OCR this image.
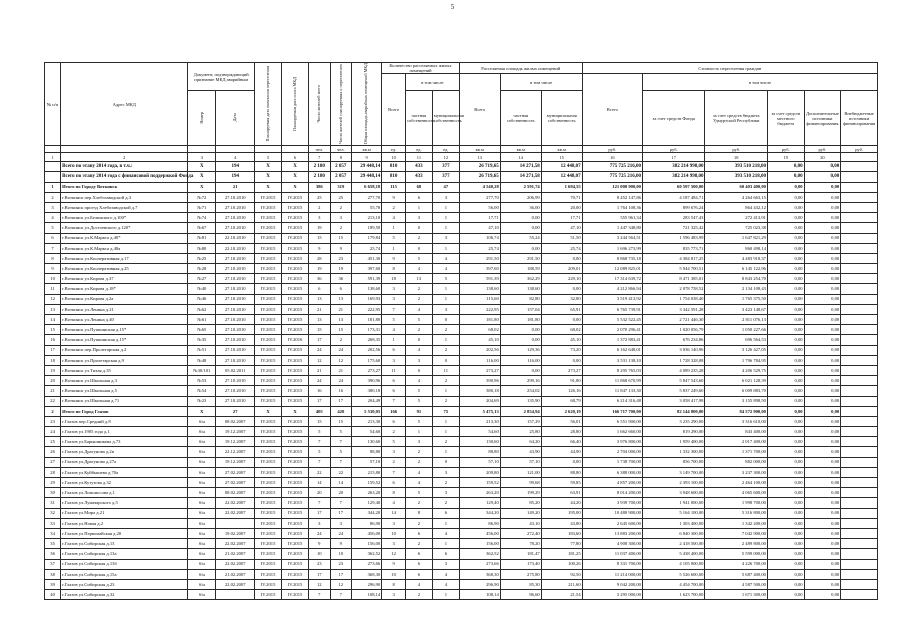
5
№ п/п	Адрес МКД	Документ, подтверждающий признание МКД аварийным		Планируемая дата окончания переселения	Планируемая дата сноса МКД	Число жителей всего	Число жителей планируемых к переселению	Общая площадь аварийных помещений МКД	Количество расселяемых жилых помещений			Расселяемая площадь жилых помещений			Стоимость переселения граждан					
									Всего	в том числе		Всего	в том числе		Всего	в том числе				
		Номер	Дата							частная собственность	муниципальная собственность		частная собственность	муниципальная собственность		за счет средств Фонда	за счет средств бюджета Удмуртской Республики	за счет средств местного бюджета	Дополнительные источники финансирования	Внебюджетные источники финансирования

						чел.	чел.	кв.м	ед.	ед.	ед.	кв.м	кв.м	кв.м	руб.	руб.	руб.	руб.	руб.	руб.
1	2	3	4	5	6	7	8	9	10	11	12	13	14	15	16	17	18	19	20	
	Всего по этапу 2014 года, в т.ч.:	Х	194	Х	Х	2 180	2 057	29 448,14	810	433	377	26 719,65	14 271,58	12 448,07	775 725 216,00	382 214 998,00	393 510 218,00	0,00	0,00	
	Всего по этапу 2014 года с финансовой поддержкой Фонда	Х	194	Х	Х	2 180	2 057	29 448,14	810	433	377	26 719,65	14 271,58	12 448,07	775 725 216,00	382 214 998,00	393 510 218,00	0,00	0,00	
1	Итого по Городу Воткинск	Х	21	Х	Х	386	319	6 658,18	115	68	47	4 540,28	2 591,74	1 694,55	121 000 900,00	60 597 500,00	60 403 400,00	0,00	0,00	
2	г.Воткинск пер.Хлебозаводской д.3	№72	27.10.2010	IV.2015	IV.2015	25	25	277,70	9	6	3	277,70	206,99	70,71	8 452 147,86	4 187 484,71	4 264 663,15	0,00	0,00	
3	г.Воткинск проезд Хлебозаводской д.7	№71	27.10.2010	IV.2015	IV.2015	2	2	55,78	2	1	1	56,00	36,00	20,00	1 764 108,36	899 676,24	864 432,12	0,00	0,00	
4	г.Воткинск ул.Белинского д.100*	№74	27.10.2010	IV.2015	IV.2015	3	3	213,10	4	3	1	17,71	0,00	17,71	555 961,34	283 547,43	272 413,91	0,00	0,00	
5	г.Воткинск ул.Достоевского д.120*	№67	27.10.2010	IV.2015	IV.2015	19	2	189,50	1	0	1	47,10	0,00	47,10	1 447 348,80	721 325,42	725 023,38	0,00	0,00	
6	г.Воткинск ул.К.Маркса д.40*	№81	22.10.2010	IV.2015	IV.2015	15	15	179,84	5	2	3	106,74	55,24	51,50	3 244 564,51	1 596 483,99	1 647 821,29	0,00	0,00	
7	г.Воткинск ул.К.Маркса д.48а	№80	22.10.2010	IV.2015	IV.2015	9	9	25,74	1	0	1	25,74	0,00	25,74	1 696 273,99	835 773,71	860 498,14	0,00	0,00	
8	г.Воткинск ул.Кооперативная д.17	№25	27.10.2010	IV.2015	IV.2015	28	23	451,30	9	5	4	291,50	291,50	0,00	8 868 735,18	4 384 817,25	4 483 918,37	0,00	0,00	
9	г.Воткинск ул.Кооперативная д.25	№28	27.10.2010	IV.2015	IV.2015	19	19	397,60	8	4	4	397,60	188,59	209,01	12 089 825,01	5 944 700,51	6 145 122,96	0,00	0,00	
10	г.Воткинск ул.Кирова д.37	№27	27.10.2010	IV.2015	IV.2015	36	36	591,39	18	13	5	591,39	362,29	229,10	17 314 639,72	8 471 385,01	8 843 254,70	0,00	0,00	
11	г.Воткинск ул.Кирова д.18*	№40	27.10.2010	IV.2015	IV.2015	6	6	138,60	3	2	1	138,60	138,60	0,00	4 212 866,94	2 078 758,52	2 134 108,43	0,00	0,00	
12	г.Воткинск ул.Кирова д.2а	№46	27.10.2010	IV.2015	IV.2015	13	13	169,93	3	2	1	115,60	82,80	32,80	3 519 413,92	1 754 038,40	1 765 375,50	0,00	0,00	
13	г.Воткинск ул.Ленина д.21	№62	27.10.2010	IV.2015	IV.2015	21	21	222,95	7	4	3	222,95	157,04	65,91	6 765 739,91	3 342 591,28	3 423 148,67	0,00	0,00	
14	г.Воткинск ул.Ленина д.40	№61	27.10.2010	IV.2015	IV.2015	13	13	181,80	5	5	0	181,80	181,80	0,00	5 532 522,45	2 721 446,30	2 811 076,13	0,00	0,00	
15	г.Воткинск ул.Пушкинская д.15*	№65	27.10.2010	IV.2015	IV.2015	15	15	173,31	4	2	2	68,02	0,00	68,02	2 070 296,41	1 020 056,79	1 050 227,66	0,00	0,00	
16	г.Воткинск ул.Пушкинская д.15*	№35	27.10.2010	IV.2015	IV.2016	17	2	268,35	1	0	1	45,10	0,00	45,10	1 372 883,41	676 234,86	696 564,53	0,00	0,00	
17	г.Воткинск пер.Пролетарская д.2	№51	27.10.2010	IV.2015	IV.2015	24	24	202,56	6	4	2	202,56	129,36	73,20	6 162 648,01	3 036 140,96	3 126 427,05	0,00	0,00	
18	г.Воткинск ул.Пролетарская д.9	№48	27.10.2010	IV.2015	IV.2015	12	12	175,60	3	3	0	116,00	116,00	0,00	3 531 138,10	1 728 328,08	1 796 784,95	0,00	0,00	
19	г.Воткинск ул.Тихая д.35	№30/101	05.02.2011	IV.2015	IV.2015	21	21	273,27	11	0	11	273,27	0,00	273,27	8 295 765,03	4 089 235,28	4 206 529,75	0,00	0,00	
20	г.Воткинск ул.Школьная д.3	№53	27.10.2010	IV.2015	IV.2015	24	24	390,96	6	4	2	390,96	299,16	91,80	11 868 670,99	5 847 543,60	6 021 128,39	0,00	0,00	
21	г.Воткинск ул.Школьная д.5	№54	27.10.2010	IV.2015	IV.2015	16	16	380,18	6	5	1	380,18	254,02	126,16	11 847 133,30	5 837 249,60	6 009 883,70	0,00	0,00	
22	г.Воткинск ул.Школьная д.71	№23	27.10.2010	IV.2015	IV.2015	17	17	204,49	7	5	2	204,69	135,90	68,79	6 214 316,48	3 058 417,98	3 155 898,50	0,00	0,00	
2	Итого по Город Глазов	Х	27	Х	Х	405	420	5 530,05	166	91	75	5 475,13	2 854,94	2 620,19	166 717 700,00	82 144 800,00	84 572 900,00	0,00	0,00	
23	г.Глазов пер.Средний д.8	б/н	08.02.2007	IV.2015	IV.2015	15	15	213,30	6	5	1	213,30	157,29	56,01	6 551 900,00	3 235 290,00	3 316 610,00	0,00	0,00	
24	г.Глазов ул.1905 года д.1	б/н	19.12.2007	IV.2015	IV.2015	5	5	54,60	2	1	1	54,60	25,80	28,80	1 662 660,00	819 290,00	843 400,00	0,00	0,00	
25	г.Глазов ул.Барышникова д.73	б/н	19.12.2007	IV.2015	IV.2015	7	7	130,60	5	3	2	130,60	64,20	66,40	3 976 800,00	1 959 400,00	2 017 400,00	0,00	0,00	
26	г.Глазов ул.Драгунова д.2в	б/н	22.12.2007	IV.2015	IV.2015	5	5	88,80	3	2	1	88,80	43,90	44,90	2 704 000,00	1 332 300,00	1 371 700,00	0,00	0,00	
27	г.Глазов ул.Драгунова д.27а	б/н	19.12.2007	IV.2015	IV.2015	7	7	57,10	2	2	0	57,10	57,10	0,00	1 738 700,00	856 700,00	882 000,00	0,00	0,00	
28	г.Глазов ул.Куйбышева д.70а	б/н	27.02.2007	IV.2015	IV.2015	22	22	215,80	7	4	3	209,80	121,00	88,80	6 388 000,00	3 149 700,00	3 237 300,00	0,00	0,00	
29	г.Глазов ул.Кутузова д.32	б/н	27.02.2007	IV.2015	IV.2015	14	14	159,52	6	4	2	159,52	99,68	59,85	4 857 200,00	2 393 100,00	2 464 100,00	0,00	0,00	
30	г.Глазов ул.Ломоносова д.1	б/н	08.02.2007	IV.2015	IV.2015	20	20	263,20	8	5	3	263,20	199,29	63,91	8 014 200,00	3 948 600,00	4 065 600,00	0,00	0,00	
31	г.Глазов ул.Луначарского д.5	б/н	22.02.2007	IV.2015	IV.2015	7	7	129,40	4	2	2	129,40	85,20	44,20	3 939 700,00	1 941 000,00	1 998 700,00	0,00	0,00	
32	г.Глазов ул.Мира д.21	б/н	22.02.2007	IV.2015	IV.2015	17	17	344,20	14	8	6	344,20	149,20	195,00	10 480 900,00	5 164 100,00	5 316 800,00	0,00	0,00	
33	г.Глазов ул.Новая д.2	б/н		IV.2015	IV.2015	3	3	86,90	3	2	1	86,90	43,10	43,80	2 645 600,00	1 303 400,00	1 342 200,00	0,00	0,00	
34	г.Глазов ул.Первомайская д.20	б/н	19.02.2007	IV.2015	IV.2015	24	24	456,00	10	6	4	456,00	272,40	183,60	13 883 200,00	6 840 300,00	7 042 900,00	0,00	0,00	
35	г.Глазов ул.Сибирская д.13	б/н	22.02.2007	IV.2015	IV.2015	9	9	156,00	3	2	1	156,00	78,20	77,80	4 908 300,00	2 418 500,00	2 489 800,00	0,00	0,00	
36	г.Глазов ул.Сибирская д.13а	б/н	21.02.2007	IV.2015	IV.2015	10	10	362,52	12	6	6	362,52	181,47	181,25	11 037 400,00	5 438 400,00	5 599 000,00	0,00	0,00	
37	г.Глазов ул.Сибирская д.13б	б/н	22.02.2007	IV.2015	IV.2015	23	23	273,66	9	6	3	273,66	173,40	100,26	8 331 700,00	4 105 000,00	4 226 700,00	0,00	0,00	
38	г.Глазов ул.Сибирская д.15а	б/н	21.02.2007	IV.2015	IV.2015	17	17	368,30	10	6	4	368,30	275,80	92,50	11 214 000,00	5 526 600,00	5 687 400,00	0,00	0,00	
39	г.Глазов ул.Сибирская д.23	б/н	22.02.2007	IV.2015	IV.2015	12	12	296,90	8	4	4	296,90	85,30	211,60	9 042 200,00	4 454 700,00	4 587 500,00	0,00	0,00	
40	г.Глазов ул.Сибирская д.32	б/н		IV.2015	IV.2015	7	7	108,14	3	2	1	108,14	86,60	21,54	3 295 000,00	1 623 700,00	1 671 300,00	0,00	0,00	
